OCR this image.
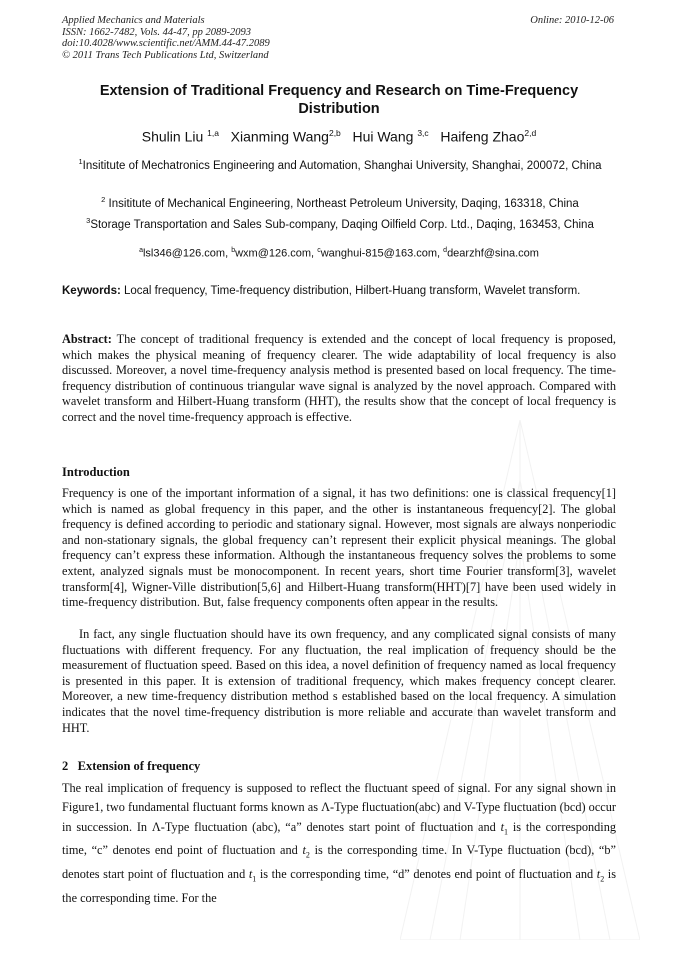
Applied Mechanics and Materials
ISSN: 1662-7482, Vols. 44-47, pp 2089-2093
doi:10.4028/www.scientific.net/AMM.44-47.2089
© 2011 Trans Tech Publications Ltd, Switzerland
Online: 2010-12-06
Extension of Traditional Frequency and Research on Time-Frequency Distribution
Shulin Liu $^{1,a}$ Xianming Wang$^{2,b}$ Hui Wang $^{3,c}$ Haifeng Zhao$^{2,d}$
$^1$Insititute of Mechatronics Engineering and Automation, Shanghai University, Shanghai, 200072, China
$^2$ Insititute of Mechanical Engineering, Northeast Petroleum University, Daqing, 163318, China
$^3$Storage Transportation and Sales Sub-company, Daqing Oilfield Corp. Ltd., Daqing, 163453, China
$^a$lsl346@126.com, $^b$wxm@126.com, $^c$wanghui-815@163.com, $^d$dearzhf@sina.com
Keywords: Local frequency, Time-frequency distribution, Hilbert-Huang transform, Wavelet transform.
Abstract: The concept of traditional frequency is extended and the concept of local frequency is proposed, which makes the physical meaning of frequency clearer. The wide adaptability of local frequency is also discussed. Moreover, a novel time-frequency analysis method is presented based on local frequency. The time-frequency distribution of continuous triangular wave signal is analyzed by the novel approach. Compared with wavelet transform and Hilbert-Huang transform (HHT), the results show that the concept of local frequency is correct and the novel time-frequency approach is effective.
Introduction
Frequency is one of the important information of a signal, it has two definitions: one is classical frequency[1] which is named as global frequency in this paper, and the other is instantaneous frequency[2]. The global frequency is defined according to periodic and stationary signal. However, most signals are always nonperiodic and non-stationary signals, the global frequency can’t represent their explicit physical meanings. The global frequency can’t express these information. Although the instantaneous frequency solves the problems to some extent, analyzed signals must be monocomponent. In recent years, short time Fourier transform[3], wavelet transform[4], Wigner-Ville distribution[5,6] and Hilbert-Huang transform(HHT)[7] have been used widely in time-frequency distribution. But, false frequency components often appear in the results.
In fact, any single fluctuation should have its own frequency, and any complicated signal consists of many fluctuations with different frequency. For any fluctuation, the real implication of frequency should be the measurement of fluctuation speed. Based on this idea, a novel definition of frequency named as local frequency is presented in this paper. It is extension of traditional frequency, which makes frequency concept clearer. Moreover, a new time-frequency distribution method s established based on the local frequency. A simulation indicates that the novel time-frequency distribution is more reliable and accurate than wavelet transform and HHT.
2 Extension of frequency
The real implication of frequency is supposed to reflect the fluctuant speed of signal. For any signal shown in Figure1, two fundamental fluctuant forms known as Λ-Type fluctuation(abc) and V-Type fluctuation (bcd) occur in succession. In Λ-Type fluctuation (abc), “a” denotes start point of fluctuation and $t_1$ is the corresponding time, “c” denotes end point of fluctuation and $t_2$ is the corresponding time. In V-Type fluctuation (bcd), “b” denotes start point of fluctuation and $t_1$ is the corresponding time, “d” denotes end point of fluctuation and $t_2$ is the corresponding time. For the
